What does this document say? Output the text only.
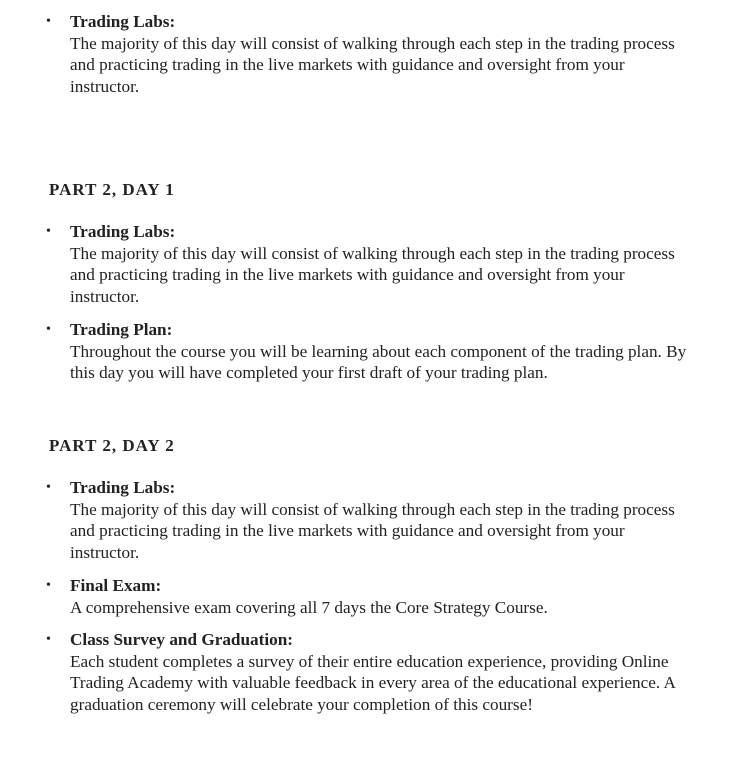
• Trading Labs:
The majority of this day will consist of walking through each step in the trading process and practicing trading in the live markets with guidance and oversight from your instructor.
PART 2, DAY 1
• Trading Labs:
The majority of this day will consist of walking through each step in the trading process and practicing trading in the live markets with guidance and oversight from your instructor.
• Trading Plan:
Throughout the course you will be learning about each component of the trading plan. By this day you will have completed your first draft of your trading plan.
PART 2, DAY 2
• Trading Labs:
The majority of this day will consist of walking through each step in the trading process and practicing trading in the live markets with guidance and oversight from your instructor.
• Final Exam:
A comprehensive exam covering all 7 days the Core Strategy Course.
• Class Survey and Graduation:
Each student completes a survey of their entire education experience, providing Online Trading Academy with valuable feedback in every area of the educational experience. A graduation ceremony will celebrate your completion of this course!
